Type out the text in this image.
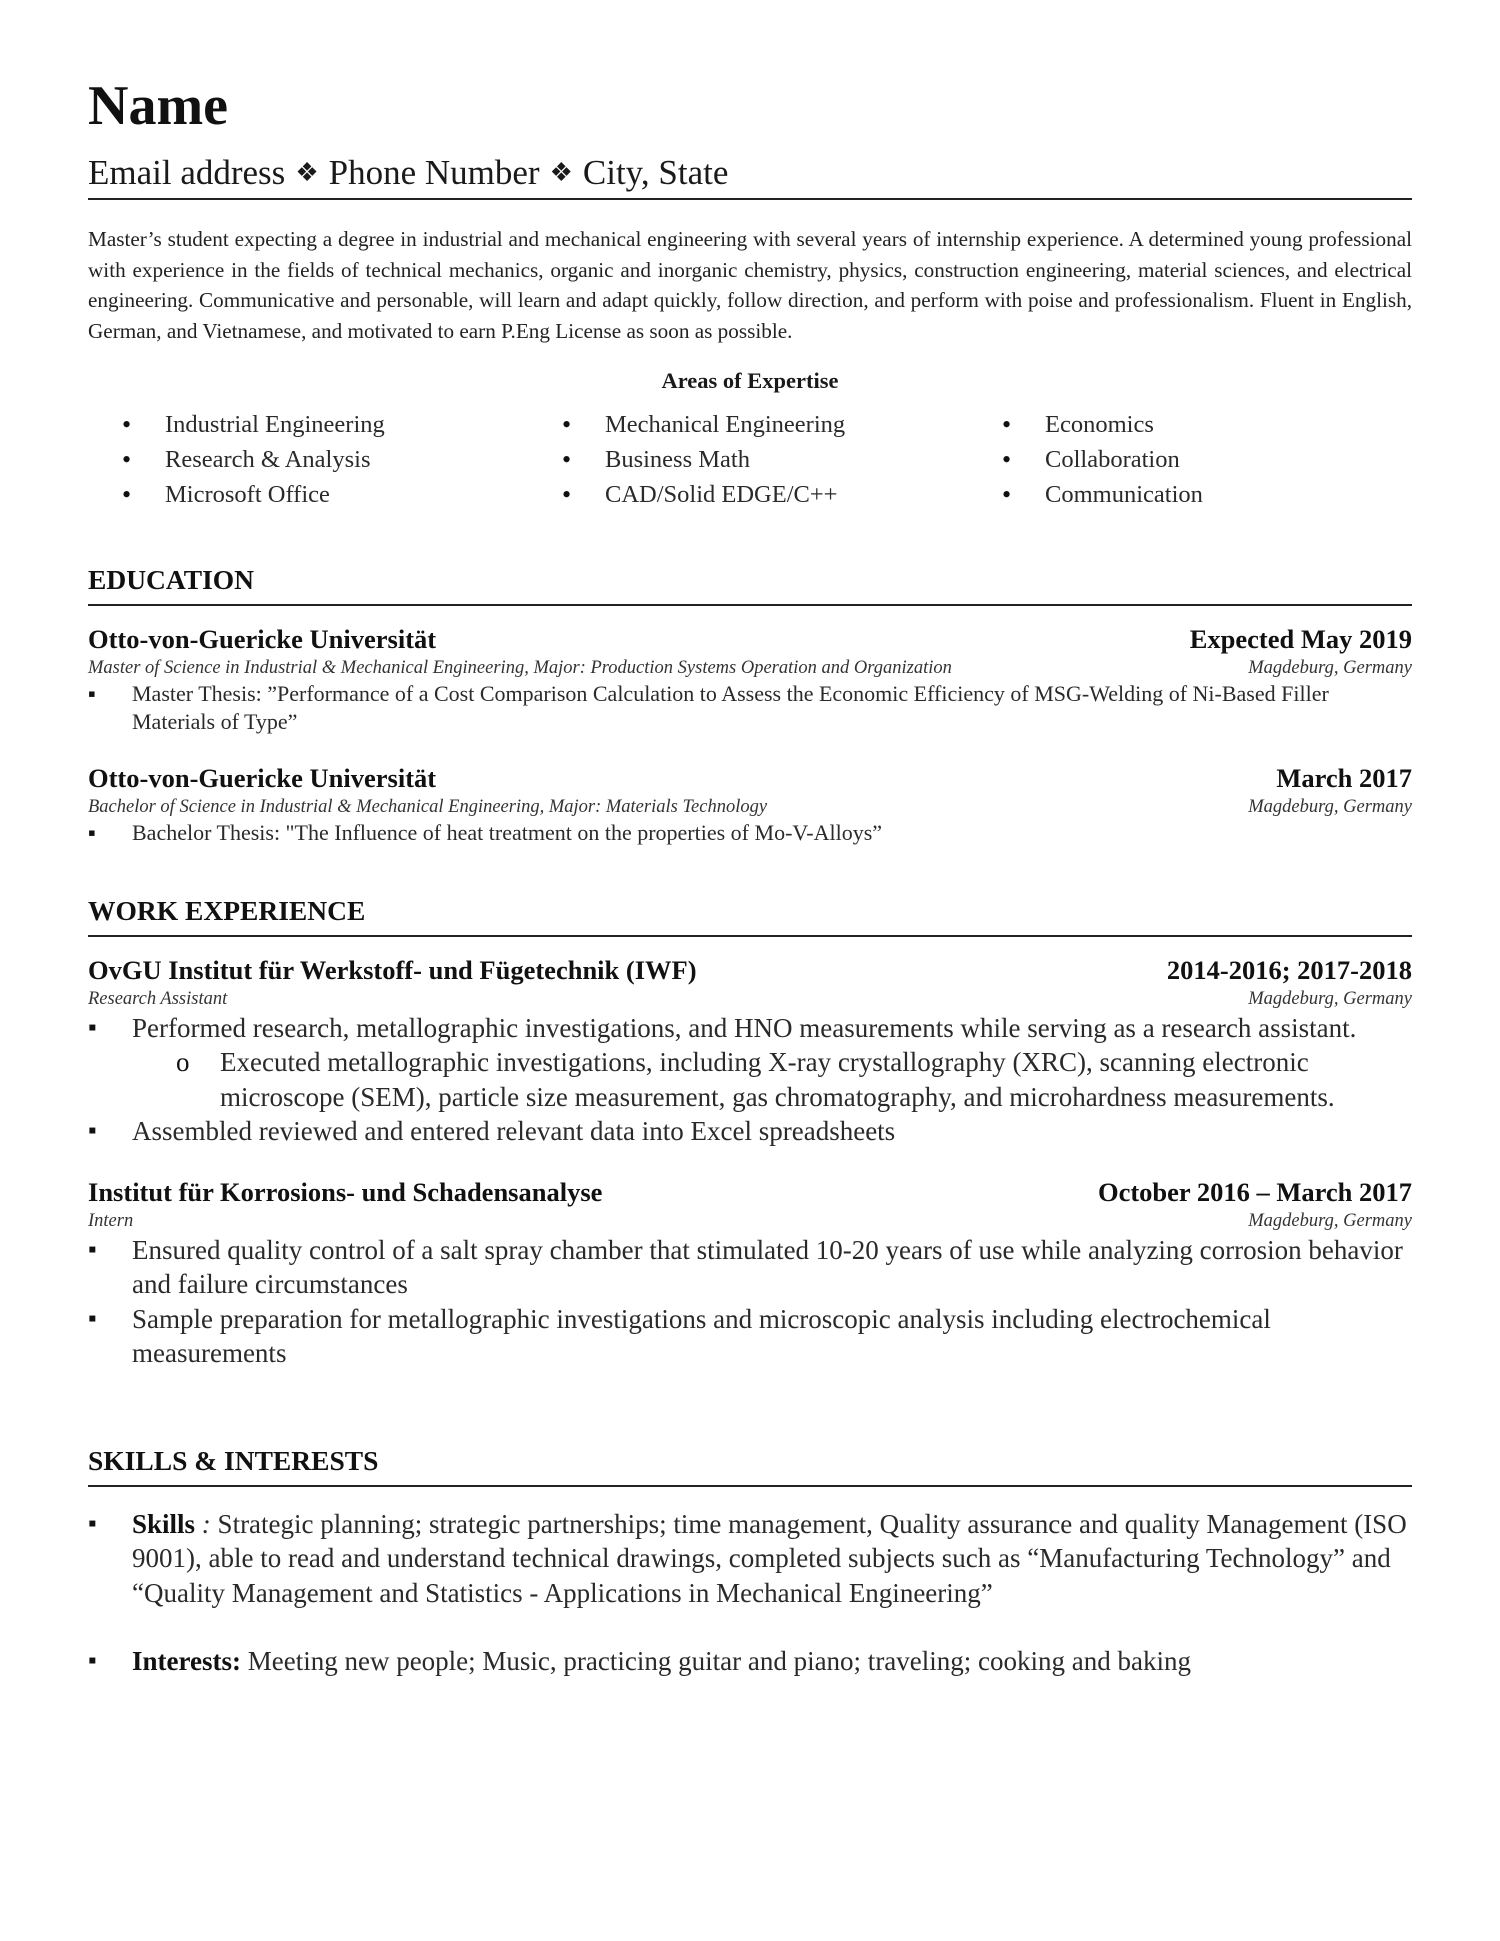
Name
Email address ❖ Phone Number ❖ City, State

Master’s student expecting a degree in industrial and mechanical engineering with several years of internship experience. A determined young professional with experience in the fields of technical mechanics, organic and inorganic chemistry, physics, construction engineering, material sciences, and electrical engineering. Communicative and personable, will learn and adapt quickly, follow direction, and perform with poise and professionalism. Fluent in English, German, and Vietnamese, and motivated to earn P.Eng License as soon as possible.

Areas of Expertise
• Industrial Engineering	• Mechanical Engineering	• Economics
• Research & Analysis	• Business Math	• Collaboration
• Microsoft Office	• CAD/Solid EDGE/C++	• Communication
EDUCATION
Otto-von-Guericke Universität	Expected May 2019
Master of Science in Industrial & Mechanical Engineering, Major: Production Systems Operation and Organization	Magdeburg, Germany
▪ Master Thesis: ”Performance of a Cost Comparison Calculation to Assess the Economic Efficiency of MSG-Welding of Ni-Based Filler Materials of Type”
Otto-von-Guericke Universität	March 2017
Bachelor of Science in Industrial & Mechanical Engineering, Major: Materials Technology	Magdeburg, Germany
▪ Bachelor Thesis: "The Influence of heat treatment on the properties of Mo-V-Alloys”
WORK EXPERIENCE
OvGU Institut für Werkstoff- und Fügetechnik (IWF)	2014-2016; 2017-2018
Research Assistant	Magdeburg, Germany
▪ Performed research, metallographic investigations, and HNO measurements while serving as a research assistant.
o Executed metallographic investigations, including X-ray crystallography (XRC), scanning electronic microscope (SEM), particle size measurement, gas chromatography, and microhardness measurements.
▪ Assembled reviewed and entered relevant data into Excel spreadsheets
Institut für Korrosions- und Schadensanalyse	October 2016 – March 2017
Intern	Magdeburg, Germany
▪ Ensured quality control of a salt spray chamber that stimulated 10-20 years of use while analyzing corrosion behavior and failure circumstances
▪ Sample preparation for metallographic investigations and microscopic analysis including electrochemical measurements
SKILLS & INTERESTS
▪ Skills : Strategic planning; strategic partnerships; time management, Quality assurance and quality Management (ISO 9001), able to read and understand technical drawings, completed subjects such as “Manufacturing Technology” and “Quality Management and Statistics - Applications in Mechanical Engineering”
▪ Interests: Meeting new people; Music, practicing guitar and piano; traveling; cooking and baking
